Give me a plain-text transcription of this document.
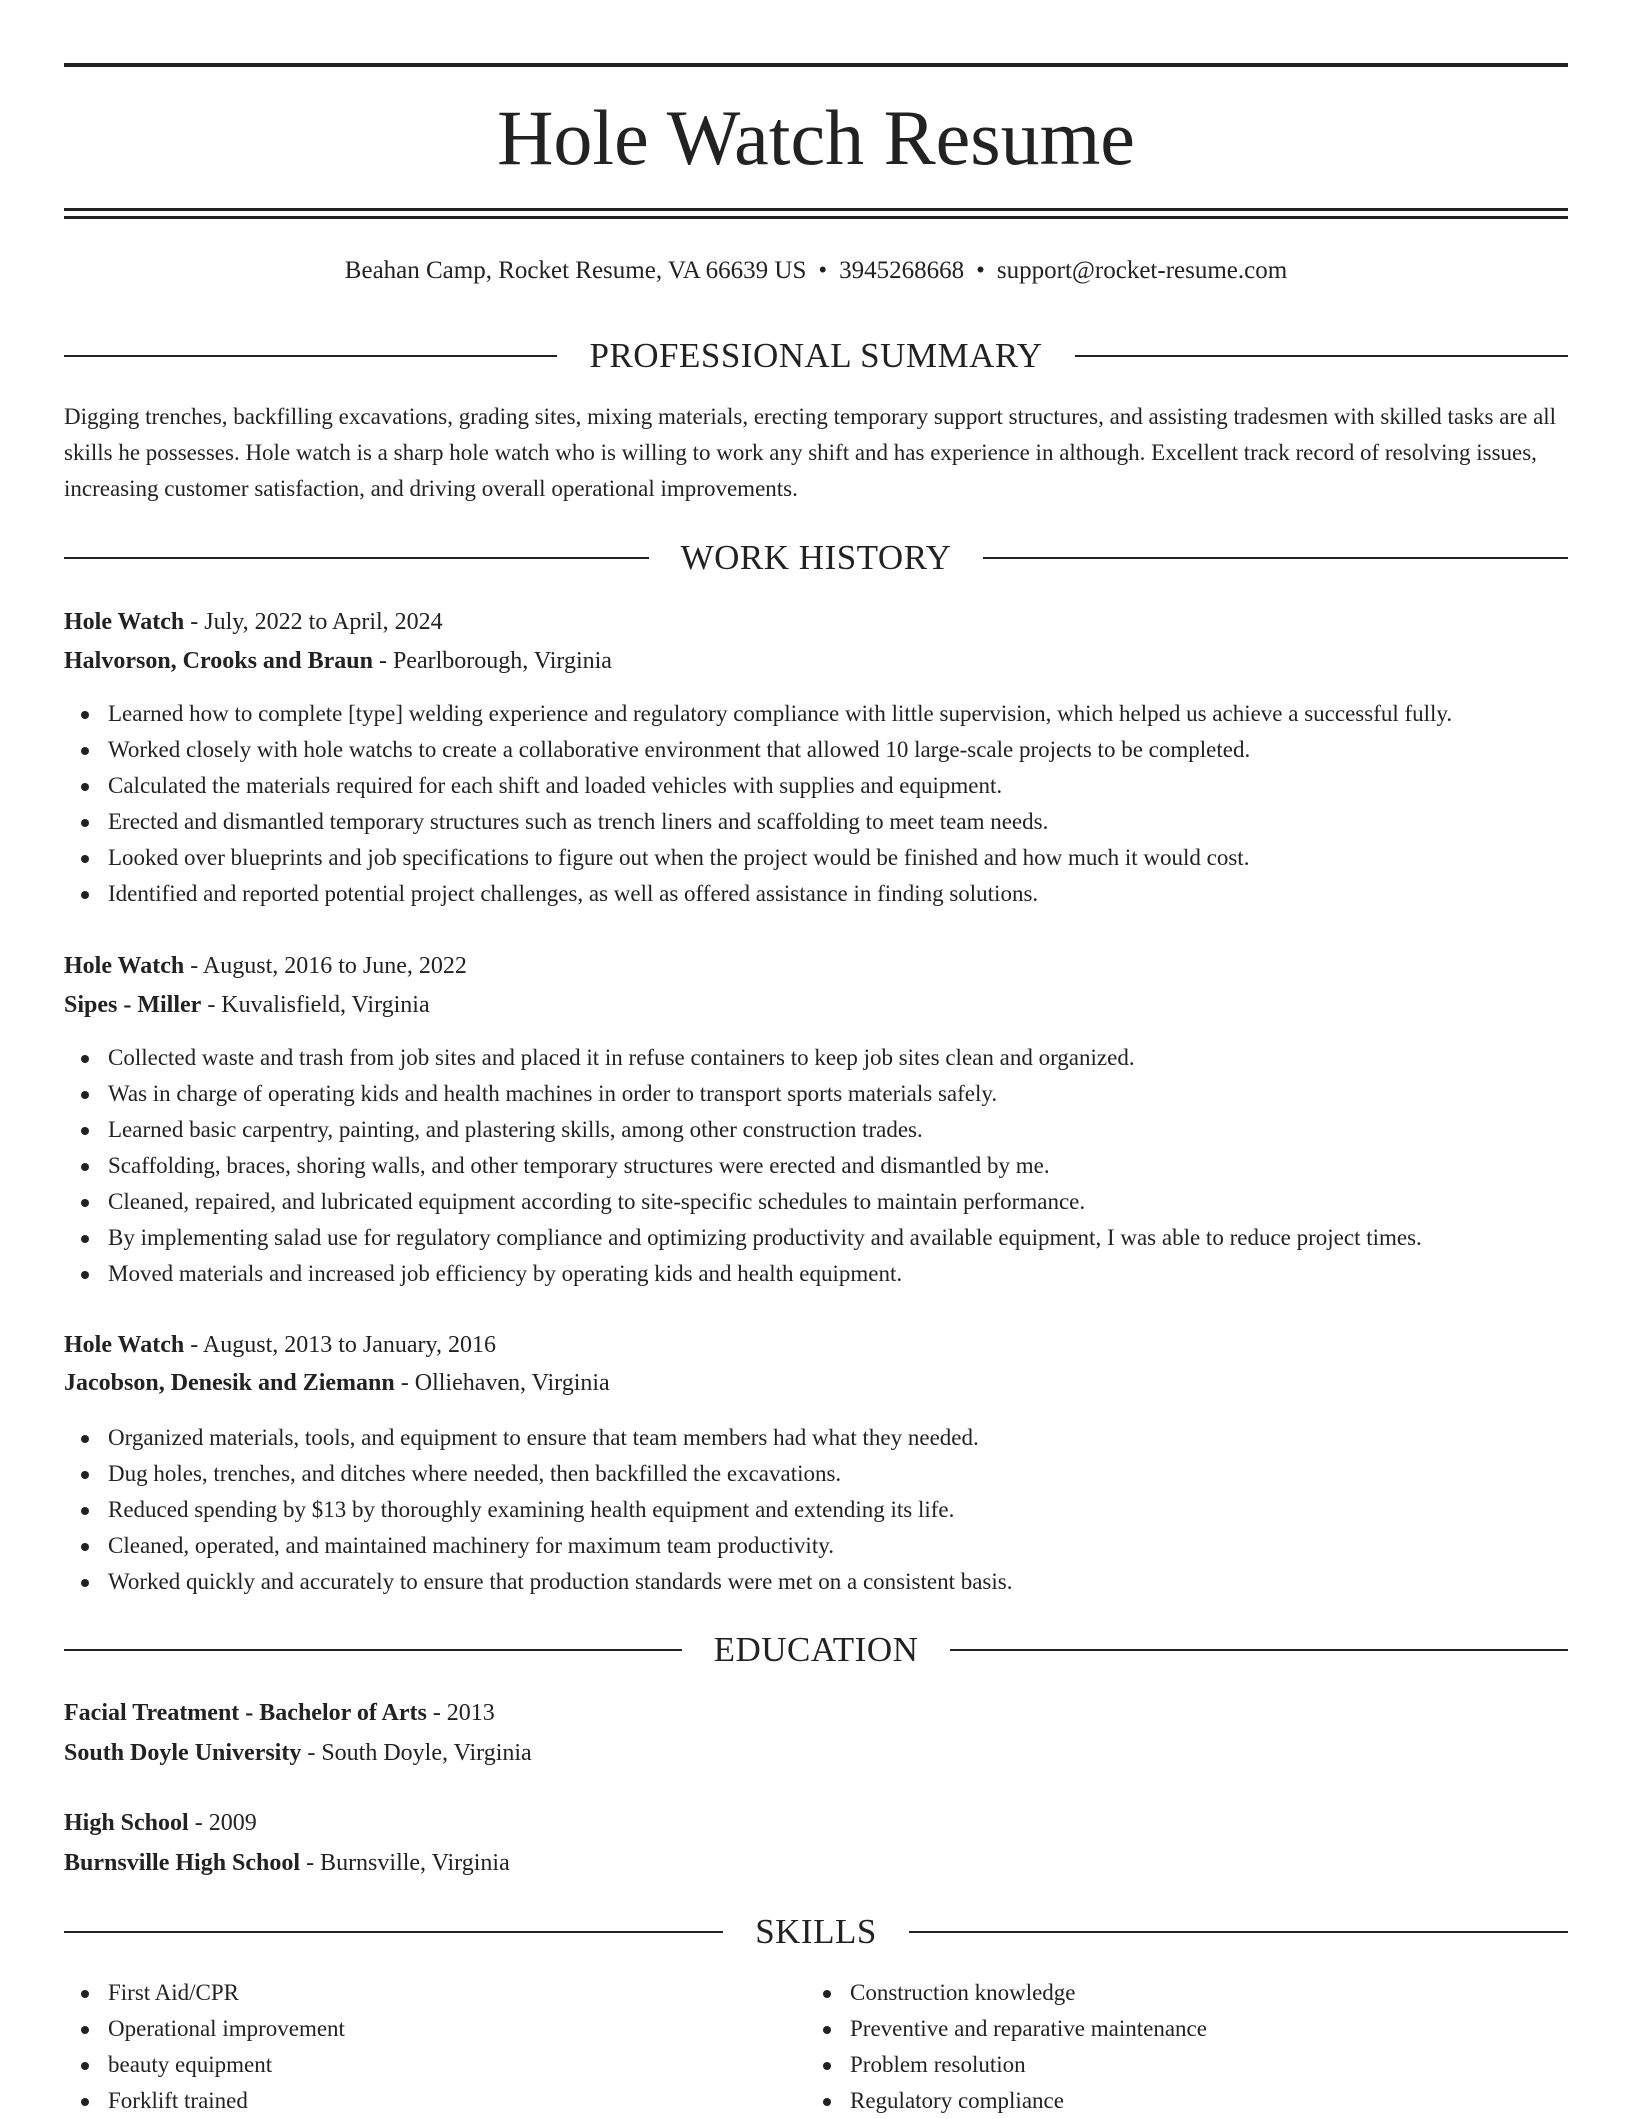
Hole Watch Resume
Beahan Camp, Rocket Resume, VA 66639 US • 3945268668 • support@rocket-resume.com
PROFESSIONAL SUMMARY

Digging trenches, backfilling excavations, grading sites, mixing materials, erecting temporary support structures, and assisting tradesmen with skilled tasks are all skills he possesses. Hole watch is a sharp hole watch who is willing to work any shift and has experience in although. Excellent track record of resolving issues, increasing customer satisfaction, and driving overall operational improvements.

WORK HISTORY
Hole Watch - July, 2022 to April, 2024
Halvorson, Crooks and Braun - Pearlborough, Virginia
Learned how to complete [type] welding experience and regulatory compliance with little supervision, which helped us achieve a successful fully.
Worked closely with hole watchs to create a collaborative environment that allowed 10 large-scale projects to be completed.
Calculated the materials required for each shift and loaded vehicles with supplies and equipment.
Erected and dismantled temporary structures such as trench liners and scaffolding to meet team needs.
Looked over blueprints and job specifications to figure out when the project would be finished and how much it would cost.
Identified and reported potential project challenges, as well as offered assistance in finding solutions.
Hole Watch - August, 2016 to June, 2022
Sipes - Miller - Kuvalisfield, Virginia
Collected waste and trash from job sites and placed it in refuse containers to keep job sites clean and organized.
Was in charge of operating kids and health machines in order to transport sports materials safely.
Learned basic carpentry, painting, and plastering skills, among other construction trades.
Scaffolding, braces, shoring walls, and other temporary structures were erected and dismantled by me.
Cleaned, repaired, and lubricated equipment according to site-specific schedules to maintain performance.
By implementing salad use for regulatory compliance and optimizing productivity and available equipment, I was able to reduce project times.
Moved materials and increased job efficiency by operating kids and health equipment.
Hole Watch - August, 2013 to January, 2016
Jacobson, Denesik and Ziemann - Olliehaven, Virginia
Organized materials, tools, and equipment to ensure that team members had what they needed.
Dug holes, trenches, and ditches where needed, then backfilled the excavations.
Reduced spending by $13 by thoroughly examining health equipment and extending its life.
Cleaned, operated, and maintained machinery for maximum team productivity.
Worked quickly and accurately to ensure that production standards were met on a consistent basis.
EDUCATION
Facial Treatment - Bachelor of Arts - 2013
South Doyle University - South Doyle, Virginia
High School - 2009
Burnsville High School - Burnsville, Virginia
SKILLS
First Aid/CPR
Operational improvement
beauty equipment
Forklift trained
Construction knowledge
Preventive and reparative maintenance
Problem resolution
Regulatory compliance
